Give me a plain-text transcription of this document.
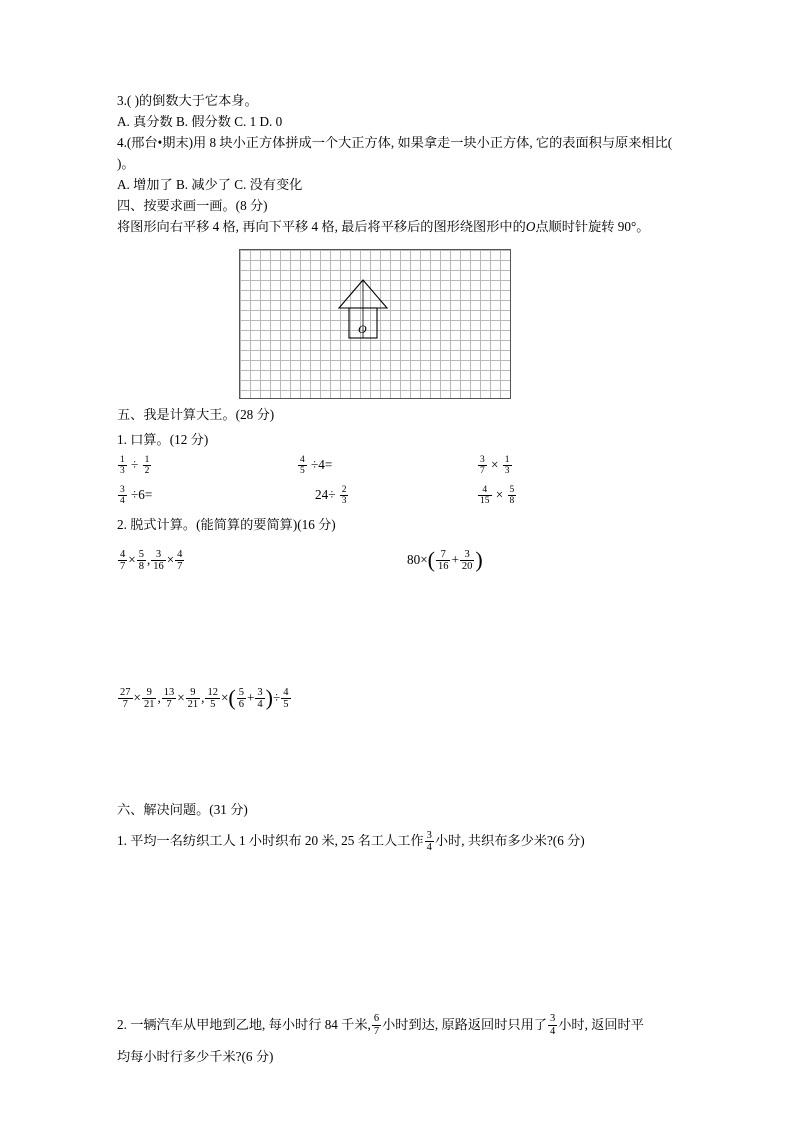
3.( )的倒数大于它本身。

A. 真分数 B. 假分数 C. 1 D. 0

4.(邢台•期末)用 8 块小正方体拼成一个大正方体, 如果拿走一块小正方体, 它的表面积与原来相比( )。

A. 增加了 B. 减少了 C. 没有变化

四、按要求画一画。(8 分)

将图形向右平移 4 格, 再向下平移 4 格, 最后将平移后的图形绕图形中的O点顺时针旋转 90°。

O

五、我是计算大王。(28 分)

1. 口算。(12 分)

$\frac{1}{3} \div \frac{1}{2}$	$\frac{4}{5} \div 4=$	$\frac{3}{7} \times \frac{1}{3}$
$\frac{3}{4} \div 6=$	$24\div \frac{2}{3}$	$\frac{4}{15} \times \frac{5}{8}$

2. 脱式计算。(能简算的要简算)(16 分)

$\frac{4}{7} \times \frac{5}{8}$ , $\frac{3}{16} \times \frac{4}{7}$	$80\times( \frac{7}{16} + \frac{3}{20}$ )
$\frac{27}{7} \times \frac{9}{21}$ , $\frac{13}{7} \times \frac{9}{21}$ , $\frac{12}{5}$ ×( $\frac{5}{6} + \frac{3}{4}$ )÷ $\frac{4}{5}$

六、解决问题。(31 分)

1. 平均一名纺织工人 1 小时织布 20 米, 25 名工人工作 $\frac{3}{4}$ 小时, 共织布多少米?(6 分)

2. 一辆汽车从甲地到乙地, 每小时行 84 千米, $\frac{6}{7}$ 小时到达, 原路返回时只用了 $\frac{3}{4}$ 小时, 返回时平

均每小时行多少千米?(6 分)
